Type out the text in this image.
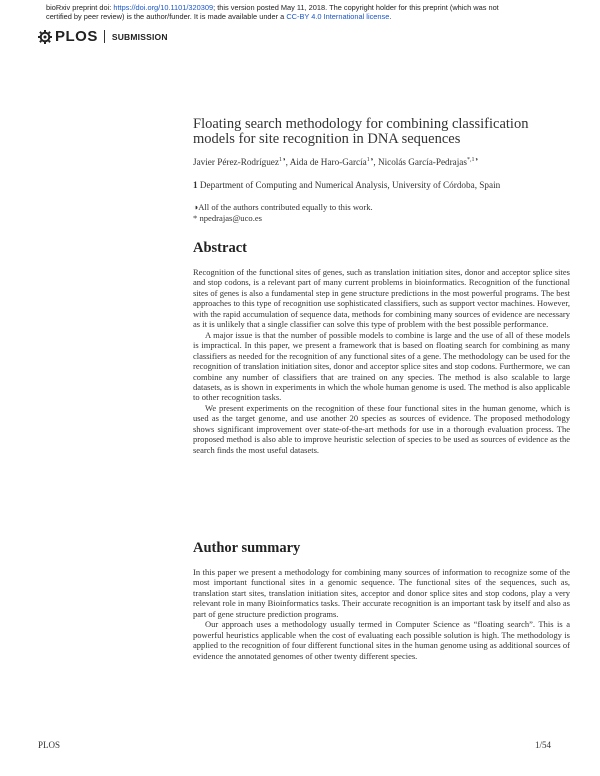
bioRxiv preprint doi: https://doi.org/10.1101/320309; this version posted May 11, 2018. The copyright holder for this preprint (which was not
certified by peer review) is the author/funder. It is made available under a CC-BY 4.0 International license.
PLOS SUBMISSION
Floating search methodology for combining classification models for site recognition in DNA sequences
Javier Pérez-Rodríguez$^{1◑}$, Aida de Haro-García$^{1◑}$, Nicolás García-Pedrajas$^{*,1◑}$
1 Department of Computing and Numerical Analysis, University of Córdoba, Spain
◑All of the authors contributed equally to this work.
* npedrajas@uco.es
Abstract

Recognition of the functional sites of genes, such as translation initiation sites, donor and acceptor splice sites and stop codons, is a relevant part of many current problems in bioinformatics. Recognition of the functional sites of genes is also a fundamental step in gene structure predictions in the most powerful programs. The best approaches to this type of recognition use sophisticated classifiers, such as support vector machines. However, with the rapid accumulation of sequence data, methods for combining many sources of evidence are necessary as it is unlikely that a single classifier can solve this type of problem with the best possible performance.

A major issue is that the number of possible models to combine is large and the use of all of these models is impractical. In this paper, we present a framework that is based on floating search for combining as many classifiers as needed for the recognition of any functional sites of a gene. The methodology can be used for the recognition of translation initiation sites, donor and acceptor splice sites and stop codons. Furthermore, we can combine any number of classifiers that are trained on any species. The method is also scalable to large datasets, as is shown in experiments in which the whole human genome is used. The method is also applicable to other recognition tasks.

We present experiments on the recognition of these four functional sites in the human genome, which is used as the target genome, and use another 20 species as sources of evidence. The proposed methodology shows significant improvement over state-of-the-art methods for use in a thorough evaluation process. The proposed method is also able to improve heuristic selection of species to be used as sources of evidence as the search finds the most useful datasets.

Author summary

In this paper we present a methodology for combining many sources of information to recognize some of the most important functional sites in a genomic sequence. The functional sites of the sequences, such as, translation start sites, translation initiation sites, acceptor and donor splice sites and stop codons, play a very relevant role in many Bioinformatics tasks. Their accurate recognition is an important task by itself and also as part of gene structure prediction programs.

Our approach uses a methodology usually termed in Computer Science as “floating search”. This is a powerful heuristics applicable when the cost of evaluating each possible solution is high. The methodology is applied to the recognition of four different functional sites in the human genome using as additional sources of evidence the annotated genomes of other twenty different species.

PLOS	1/54
